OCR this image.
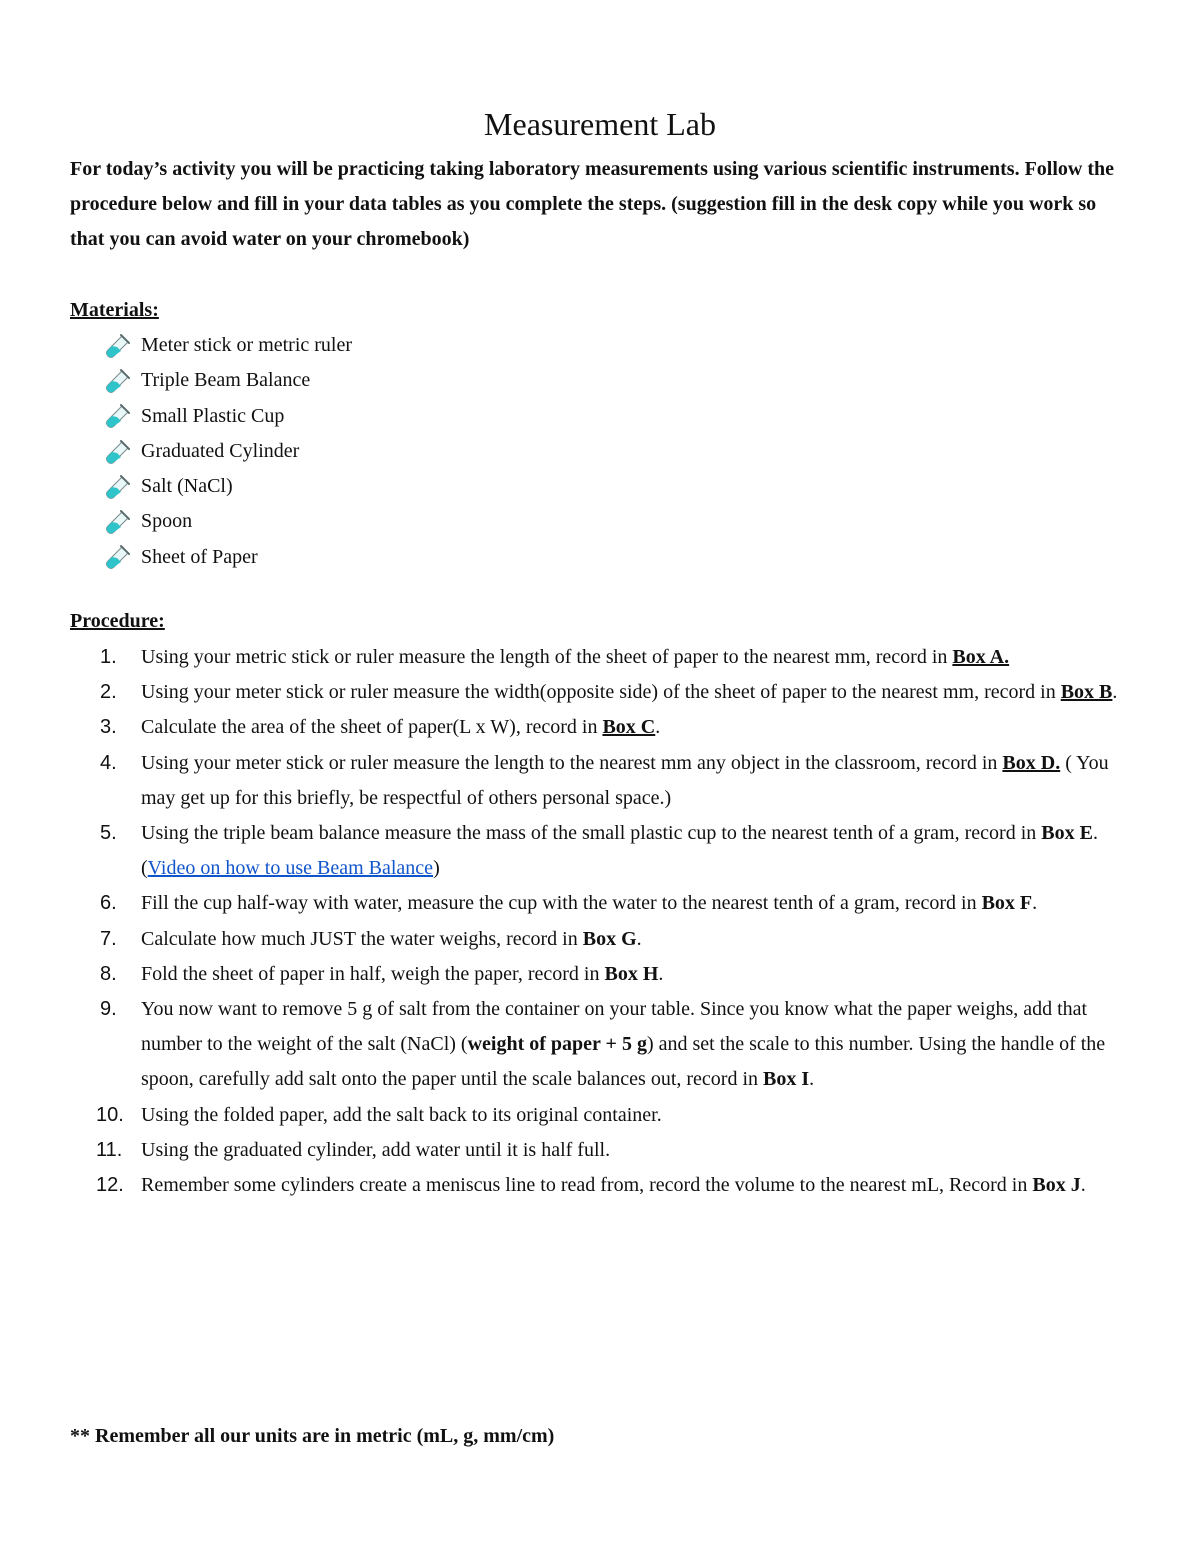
Measurement Lab

For today’s activity you will be practicing taking laboratory measurements using various scientific instruments. Follow the procedure below and fill in your data tables as you complete the steps. (suggestion fill in the desk copy while you work so that you can avoid water on your chromebook)

Materials:

Meter stick or metric ruler
Triple Beam Balance
Small Plastic Cup
Graduated Cylinder
Salt (NaCl)
Spoon
Sheet of Paper

Procedure:

1.	Using your metric stick or ruler measure the length of the sheet of paper to the nearest mm, record in Box A.
2.	Using your meter stick or ruler measure the width(opposite side) of the sheet of paper to the nearest mm, record in Box B.
3.	Calculate the area of the sheet of paper(L x W), record in Box C.
4.	Using your meter stick or ruler measure the length to the nearest mm any object in the classroom, record in Box D. ( You may get up for this briefly, be respectful of others personal space.)
5.	Using the triple beam balance measure the mass of the small plastic cup to the nearest tenth of a gram, record in Box E. (Video on how to use Beam Balance)
6.	Fill the cup half-way with water, measure the cup with the water to the nearest tenth of a gram, record in Box F.
7.	Calculate how much JUST the water weighs, record in Box G.
8.	Fold the sheet of paper in half, weigh the paper, record in Box H.
9.	You now want to remove 5 g of salt from the container on your table. Since you know what the paper weighs, add that number to the weight of the salt (NaCl) (weight of paper + 5 g) and set the scale to this number. Using the handle of the spoon, carefully add salt onto the paper until the scale balances out, record in Box I.
10. Using the folded paper, add the salt back to its original container.
11. Using the graduated cylinder, add water until it is half full.
12. Remember some cylinders create a meniscus line to read from, record the volume to the nearest mL, Record in Box J.

** Remember all our units are in metric (mL, g, mm/cm)
